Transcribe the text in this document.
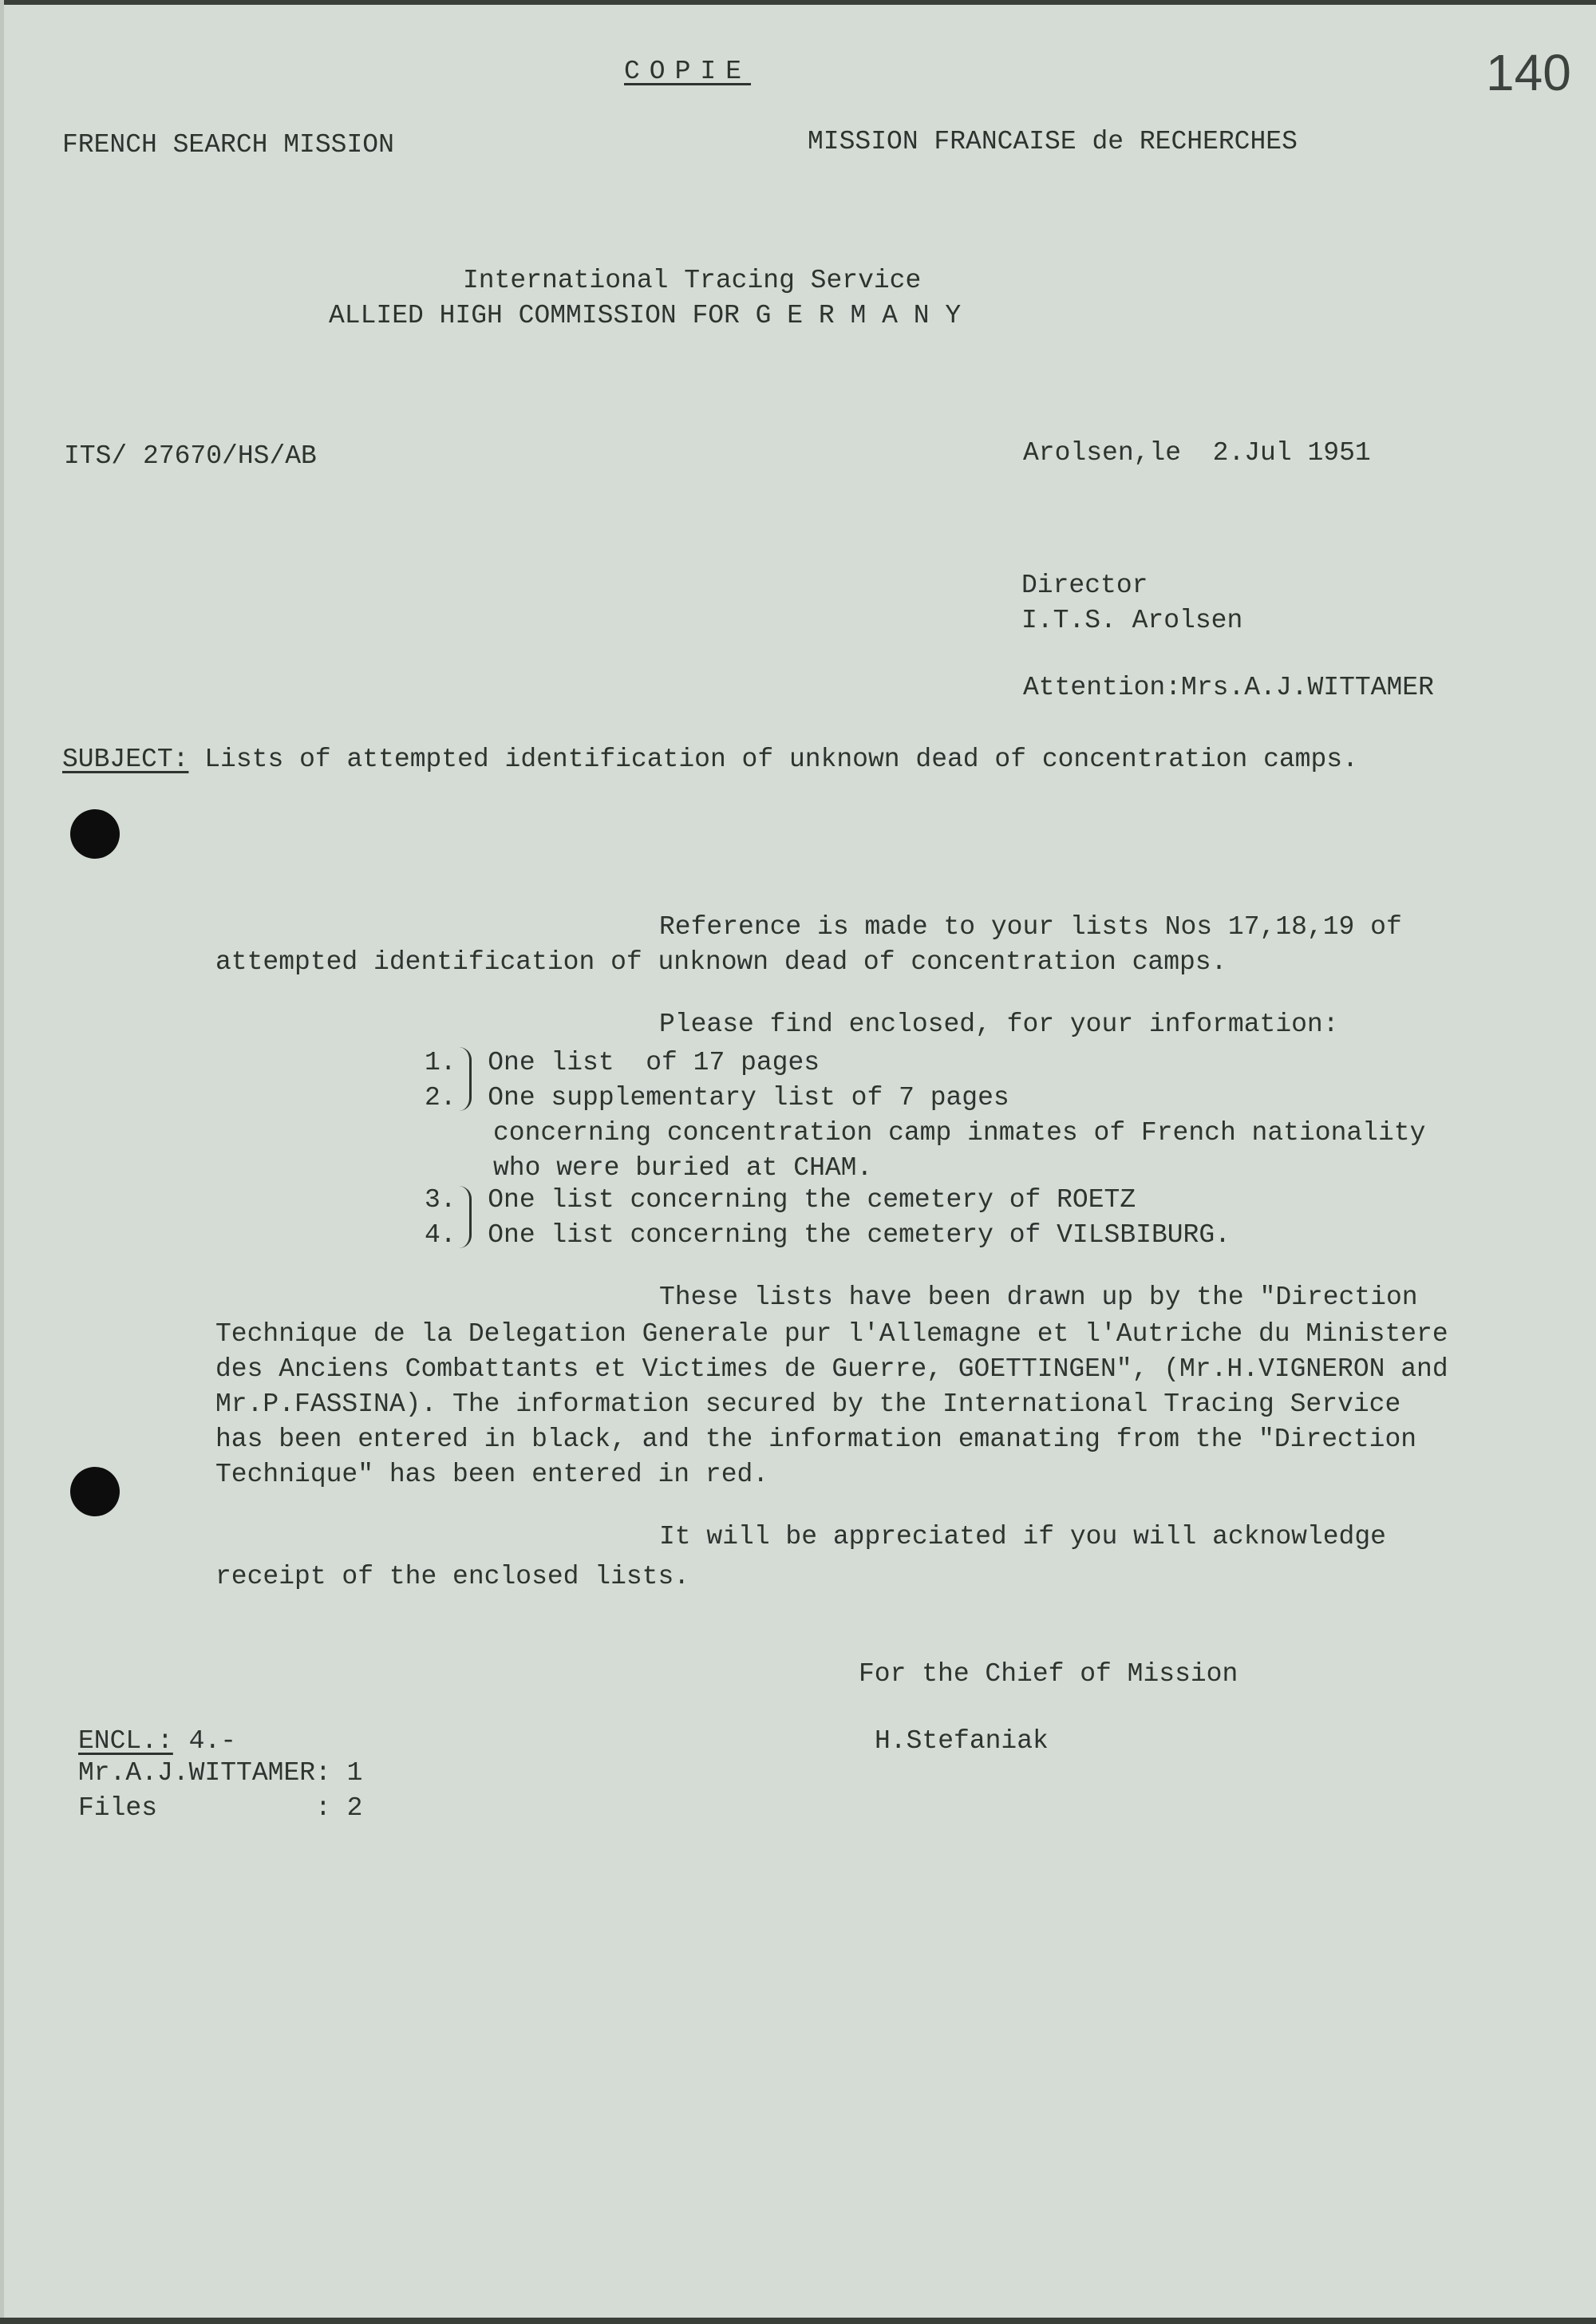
COPIE	140
FRENCH SEARCH MISSION	MISSION FRANCAISE de RECHERCHES
International Tracing Service
ALLIED HIGH COMMISSION FOR G E R M A N Y
ITS/ 27670/HS/AB	Arolsen,le  2.Jul 1951
Director
I.T.S. Arolsen
Attention:Mrs.A.J.WITTAMER
SUBJECT: Lists of attempted identification of unknown dead of concentration camps.
Reference is made to your lists Nos 17,18,19 of
attempted identification of unknown dead of concentration camps.
Please find enclosed, for your information:
1.  One list  of 17 pages
2.  One supplementary list of 7 pages
concerning concentration camp inmates of French nationality
who were buried at CHAM.
3.  One list concerning the cemetery of ROETZ
4.  One list concerning the cemetery of VILSBIBURG.
These lists have been drawn up by the "Direction
Technique de la Delegation Generale pur l'Allemagne et l'Autriche du Ministere
des Anciens Combattants et Victimes de Guerre, GOETTINGEN", (Mr.H.VIGNERON and
Mr.P.FASSINA). The information secured by the International Tracing Service
has been entered in black, and the information emanating from the "Direction
Technique" has been entered in red.
It will be appreciated if you will acknowledge
receipt of the enclosed lists.
For the Chief of Mission
H.Stefaniak
ENCL.: 4.-
Mr.A.J.WITTAMER: 1
Files          : 2
